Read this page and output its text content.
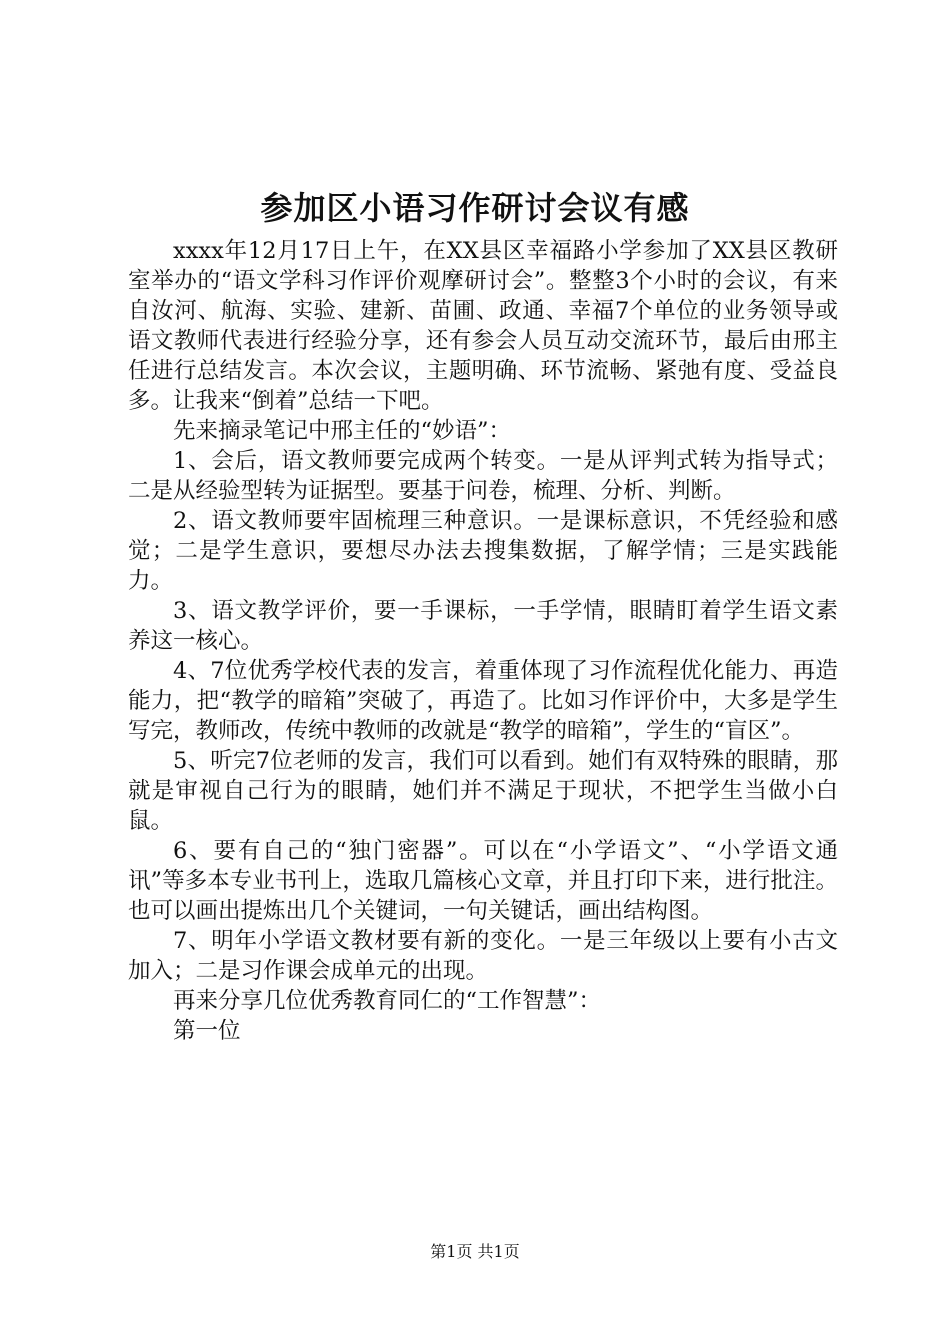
参加区小语习作研讨会议有感

xxxx年12月17日上午，在XX县区幸福路小学参加了XX县区教研室举办的“语文学科习作评价观摩研讨会”。整整3个小时的会议，有来自汝河、航海、实验、建新、苗圃、政通、幸福7个单位的业务领导或语文教师代表进行经验分享，还有参会人员互动交流环节，最后由邢主任进行总结发言。本次会议，主题明确、环节流畅、紧弛有度、受益良多。让我来“倒着”总结一下吧。

先来摘录笔记中邢主任的“妙语”：

1、会后，语文教师要完成两个转变。一是从评判式转为指导式；二是从经验型转为证据型。要基于问卷，梳理、分析、判断。

2、语文教师要牢固梳理三种意识。一是课标意识，不凭经验和感觉；二是学生意识，要想尽办法去搜集数据，了解学情；三是实践能力。

3、语文教学评价，要一手课标，一手学情，眼睛盯着学生语文素养这一核心。

4、7位优秀学校代表的发言，着重体现了习作流程优化能力、再造能力，把“教学的暗箱”突破了，再造了。比如习作评价中，大多是学生写完，教师改，传统中教师的改就是“教学的暗箱”，学生的“盲区”。

5、听完7位老师的发言，我们可以看到。她们有双特殊的眼睛，那就是审视自己行为的眼睛，她们并不满足于现状，不把学生当做小白鼠。

6、要有自己的“独门密器”。可以在“小学语文”、“小学语文通讯”等多本专业书刊上，选取几篇核心文章，并且打印下来，进行批注。也可以画出提炼出几个关键词，一句关键话，画出结构图。

7、明年小学语文教材要有新的变化。一是三年级以上要有小古文加入；二是习作课会成单元的出现。

再来分享几位优秀教育同仁的“工作智慧”：

第一位

第1页 共1页
